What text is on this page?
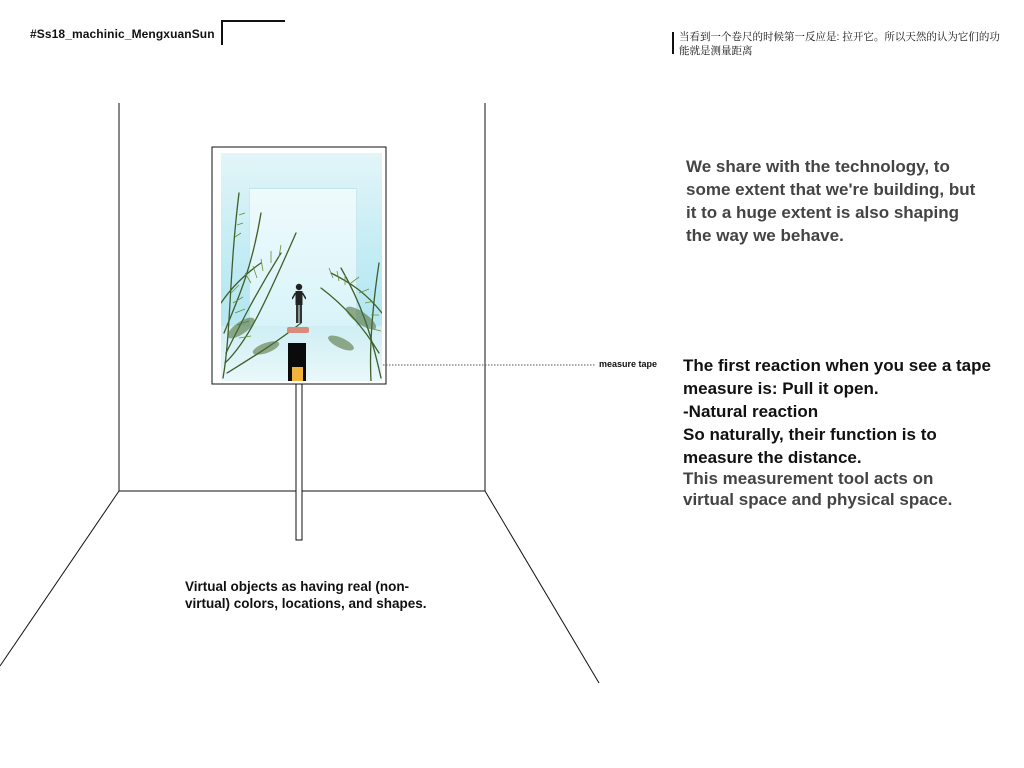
#Ss18_machinic_MengxuanSun	当看到一个卷尺的时候第一反应是: 拉开它。所以天然的认为它们的功能就是测量距离
measure tape
We share with the technology, to some extent that we're building, but it to a huge extent is also shaping the way we behave.
The first reaction when you see a tape measure is: Pull it open.
-Natural reaction
So naturally, their function is to measure the distance.
This measurement tool acts on virtual space and physical space.
Virtual objects as having real (non-virtual) colors, locations, and shapes.
